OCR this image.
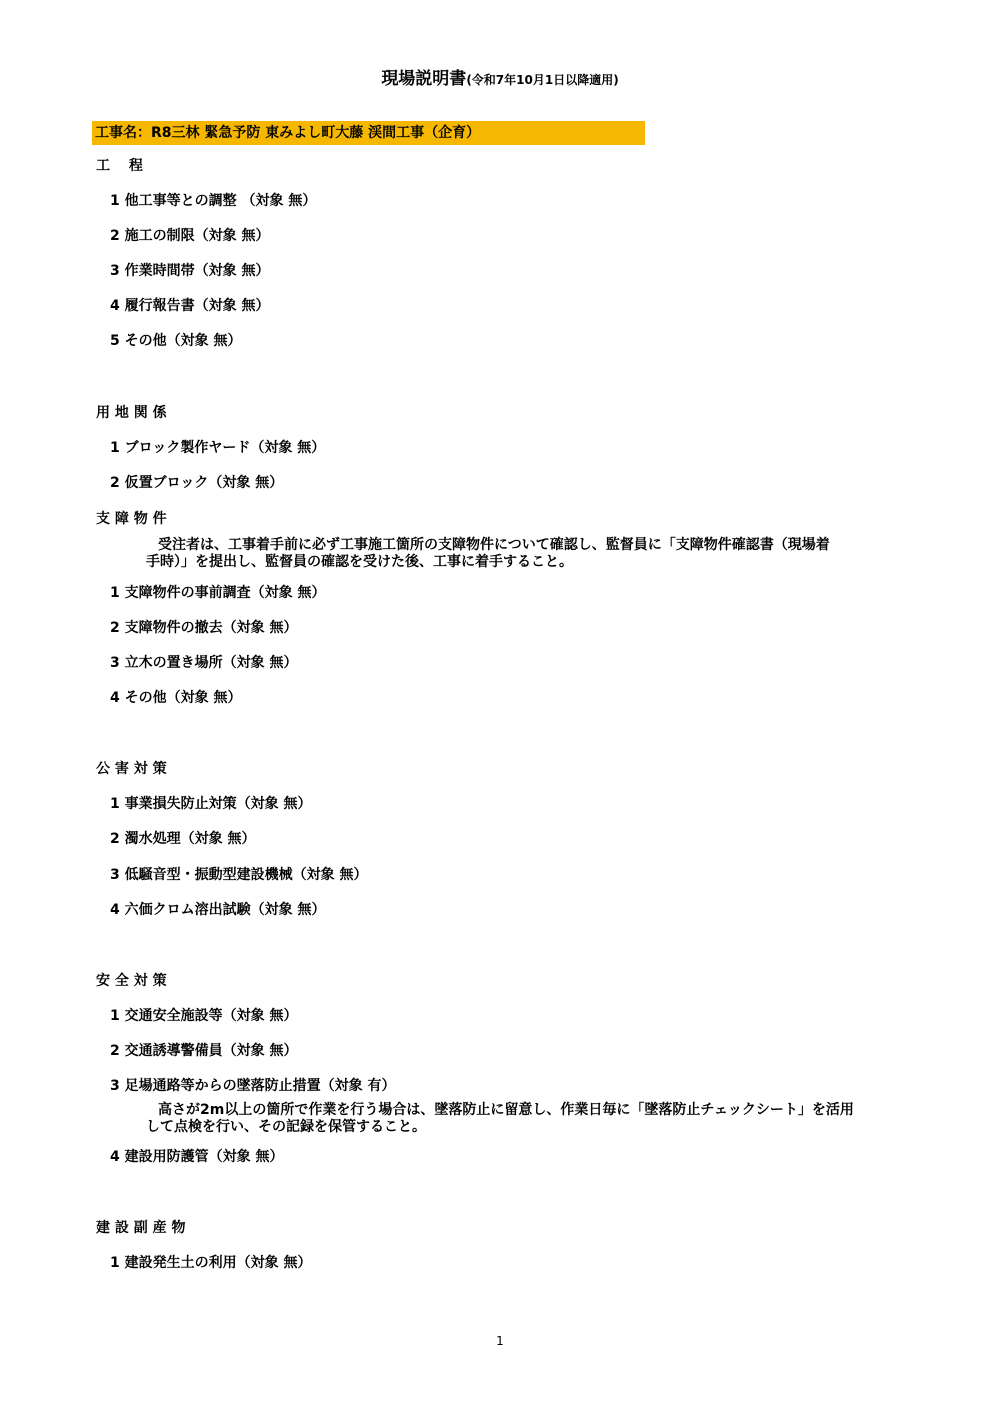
現場説明書(令和7年10月1日以降適用)
工事名：R8三林 緊急予防 東みよし町大藤 渓間工事（企育）
工　 程
1 他工事等との調整 （対象 無）
2 施工の制限（対象 無）
3 作業時間帯（対象 無）
4 履行報告書（対象 無）
5 その他（対象 無）
用 地 関 係
1 ブロック製作ヤード（対象 無）
2 仮置ブロック（対象 無）
支 障 物 件
受注者は、工事着手前に必ず工事施工箇所の支障物件について確認し、監督員に「支障物件確認書（現場着
手時）」を提出し、監督員の確認を受けた後、工事に着手すること。
1 支障物件の事前調査（対象 無）
2 支障物件の撤去（対象 無）
3 立木の置き場所（対象 無）
4 その他（対象 無）
公 害 対 策
1 事業損失防止対策（対象 無）
2 濁水処理（対象 無）
3 低騒音型・振動型建設機械（対象 無）
4 六価クロム溶出試験（対象 無）
安 全 対 策
1 交通安全施設等（対象 無）
2 交通誘導警備員（対象 無）
3 足場通路等からの墜落防止措置（対象 有）
高さが2m以上の箇所で作業を行う場合は、墜落防止に留意し、作業日毎に「墜落防止チェックシート」を活用
して点検を行い、その記録を保管すること。
4 建設用防護管（対象 無）
建 設 副 産 物
1 建設発生土の利用（対象 無）
1
